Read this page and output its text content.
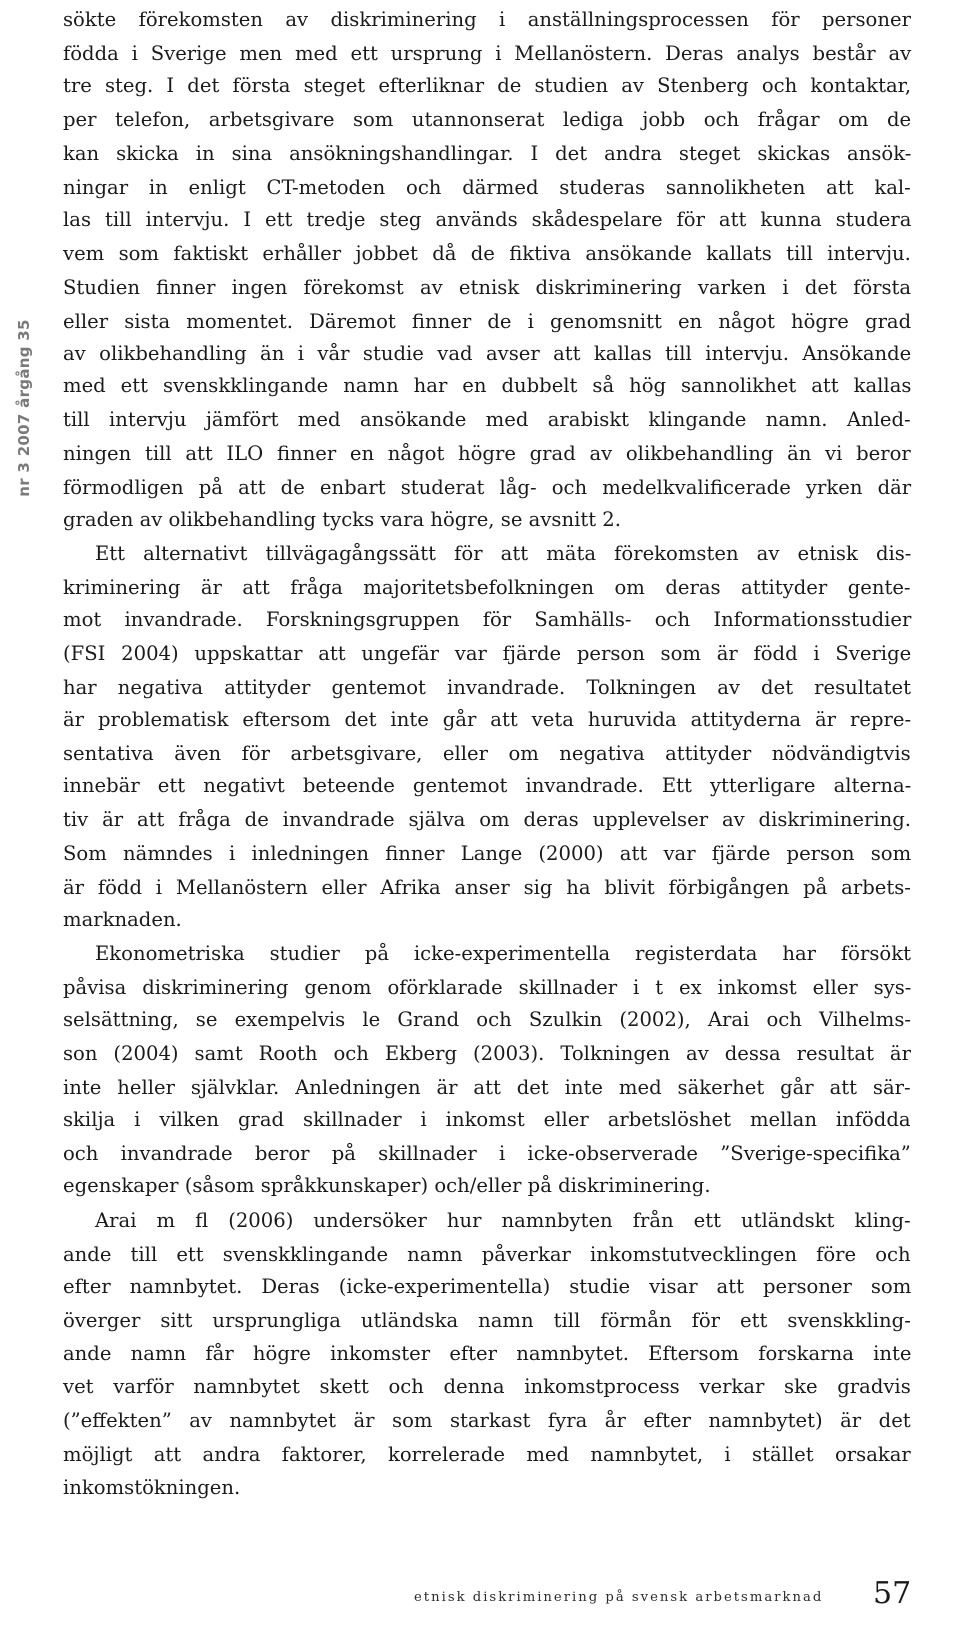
nr 3 2007 årgång 35
sökte förekomsten av diskriminering i anställningsprocessen för personer
födda i Sverige men med ett ursprung i Mellanöstern. Deras analys består av
tre steg. I det första steget efterliknar de studien av Stenberg och kontaktar,
per telefon, arbetsgivare som utannonserat lediga jobb och frågar om de
kan skicka in sina ansökningshandlingar. I det andra steget skickas ansök-
ningar in enligt CT-metoden och därmed studeras sannolikheten att kal-
las till intervju. I ett tredje steg används skådespelare för att kunna studera
vem som faktiskt erhåller jobbet då de fiktiva ansökande kallats till intervju.
Studien finner ingen förekomst av etnisk diskriminering varken i det första
eller sista momentet. Däremot finner de i genomsnitt en något högre grad
av olikbehandling än i vår studie vad avser att kallas till intervju. Ansökande
med ett svenskklingande namn har en dubbelt så hög sannolikhet att kallas
till intervju jämfört med ansökande med arabiskt klingande namn. Anled-
ningen till att ILO finner en något högre grad av olikbehandling än vi beror
förmodligen på att de enbart studerat låg- och medelkvalificerade yrken där
graden av olikbehandling tycks vara högre, se avsnitt 2.
Ett alternativt tillvägagångssätt för att mäta förekomsten av etnisk dis-
kriminering är att fråga majoritetsbefolkningen om deras attityder gente-
mot invandrade. Forskningsgruppen för Samhälls- och Informationsstudier
(FSI 2004) uppskattar att ungefär var fjärde person som är född i Sverige
har negativa attityder gentemot invandrade. Tolkningen av det resultatet
är problematisk eftersom det inte går att veta huruvida attityderna är repre-
sentativa även för arbetsgivare, eller om negativa attityder nödvändigtvis
innebär ett negativt beteende gentemot invandrade. Ett ytterligare alterna-
tiv är att fråga de invandrade själva om deras upplevelser av diskriminering.
Som nämndes i inledningen finner Lange (2000) att var fjärde person som
är född i Mellanöstern eller Afrika anser sig ha blivit förbigången på arbets-
marknaden.
Ekonometriska studier på icke-experimentella registerdata har försökt
påvisa diskriminering genom oförklarade skillnader i t ex inkomst eller sys-
selsättning, se exempelvis le Grand och Szulkin (2002), Arai och Vilhelms-
son (2004) samt Rooth och Ekberg (2003). Tolkningen av dessa resultat är
inte heller självklar. Anledningen är att det inte med säkerhet går att sär-
skilja i vilken grad skillnader i inkomst eller arbetslöshet mellan infödda
och invandrade beror på skillnader i icke-observerade ”Sverige-specifika”
egenskaper (såsom språkkunskaper) och/eller på diskriminering.
Arai m fl (2006) undersöker hur namnbyten från ett utländskt kling-
ande till ett svenskklingande namn påverkar inkomstutvecklingen före och
efter namnbytet. Deras (icke-experimentella) studie visar att personer som
överger sitt ursprungliga utländska namn till förmån för ett svenskkling-
ande namn får högre inkomster efter namnbytet. Eftersom forskarna inte
vet varför namnbytet skett och denna inkomstprocess verkar ske gradvis
(”effekten” av namnbytet är som starkast fyra år efter namnbytet) är det
möjligt att andra faktorer, korrelerade med namnbytet, i stället orsakar
inkomstökningen.
etnisk diskriminering på svensk arbetsmarknad 57
